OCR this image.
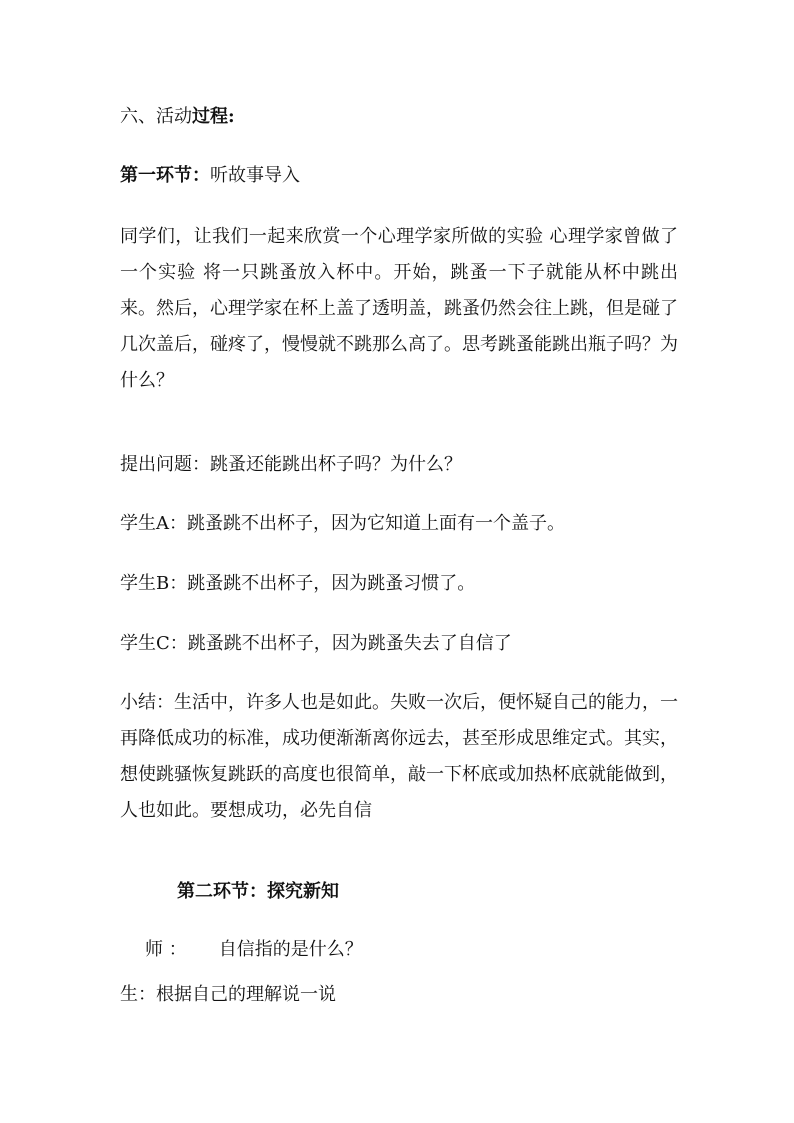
六、活动过程:
第一环节：听故事导入
同学们，让我们一起来欣赏一个心理学家所做的实验 心理学家曾做了一个实验 将一只跳蚤放入杯中。开始，跳蚤一下子就能从杯中跳出来。然后，心理学家在杯上盖了透明盖，跳蚤仍然会往上跳，但是碰了几次盖后，碰疼了，慢慢就不跳那么高了。思考跳蚤能跳出瓶子吗？为什么？
提出问题：跳蚤还能跳出杯子吗？为什么？
学生A：跳蚤跳不出杯子，因为它知道上面有一个盖子。
学生B：跳蚤跳不出杯子，因为跳蚤习惯了。
学生C：跳蚤跳不出杯子，因为跳蚤失去了自信了
小结：生活中，许多人也是如此。失败一次后，便怀疑自己的能力，一再降低成功的标准，成功便渐渐离你远去，甚至形成思维定式。其实，想使跳骚恢复跳跃的高度也很简单，敲一下杯底或加热杯底就能做到，人也如此。要想成功，必先自信
第二环节：探究新知
师 ： 自信指的是什么？
生：根据自己的理解说一说
